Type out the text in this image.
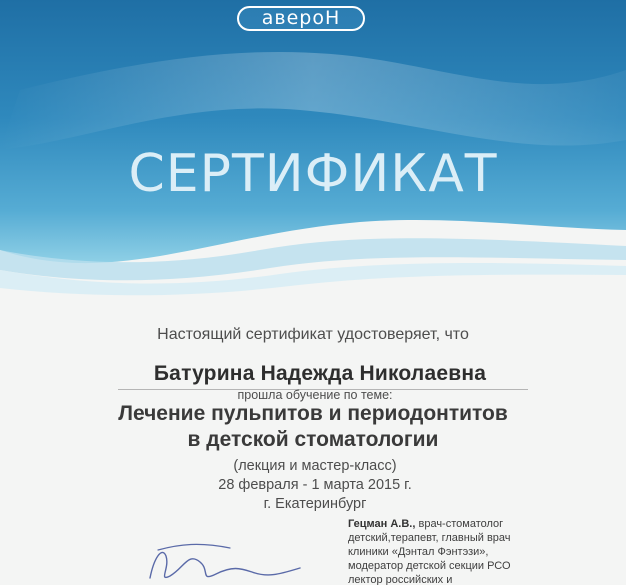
авероН
СЕРТИФИКАТ
Настоящий сертификат удостоверяет, что
Батурина Надежда Николаевна
прошла обучение по теме:
Лечение пульпитов и периодонтитов
в детской стоматологии
(лекция и мастер-класс)
28 февраля - 1 марта 2015 г.
г. Екатеринбург
Гецман А.В., врач-стоматолог
детский,терапевт, главный врач
клиники «Дэнтал Фэнтэзи»,
модератор детской секции РСО
лектор российских и
